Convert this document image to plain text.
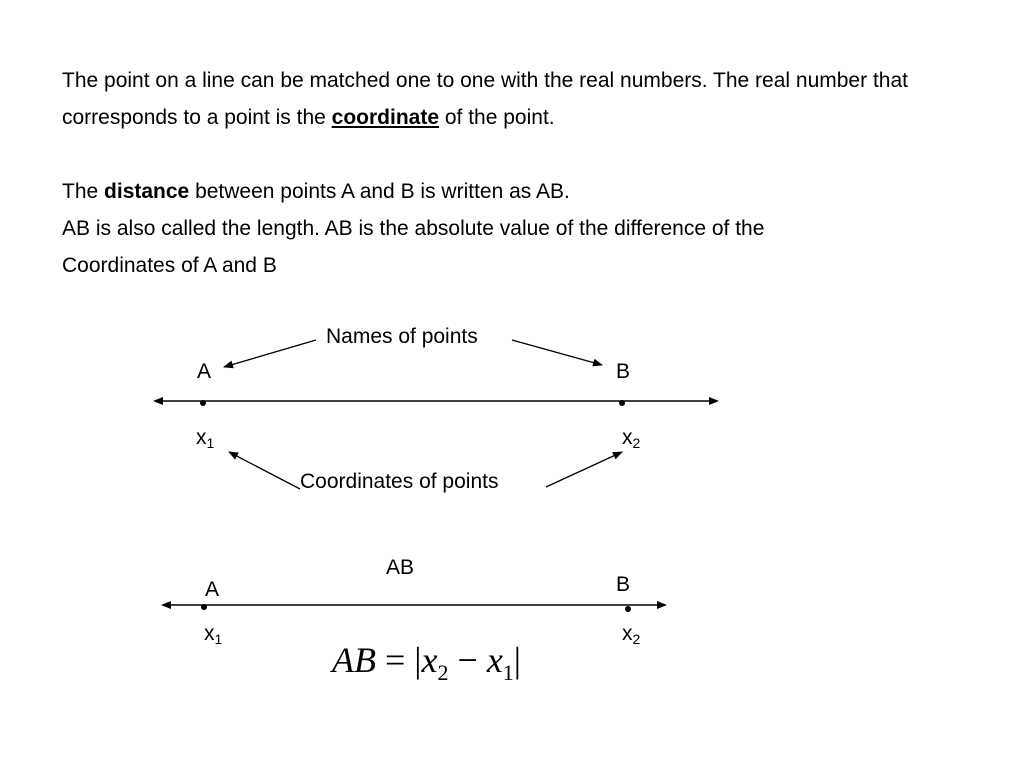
The point on a line can be matched one to one with the real numbers. The real number that corresponds to a point is the coordinate of the point.

The distance between points A and B is written as AB.

AB is also called the length. AB is the absolute value of the difference of the

Coordinates of A and B

Names of points
A	B
$x_1$	$x_2$
Coordinates of points
AB
A	B
$x_1$	$x_2$
AB = $|x_2 - x_1|$
